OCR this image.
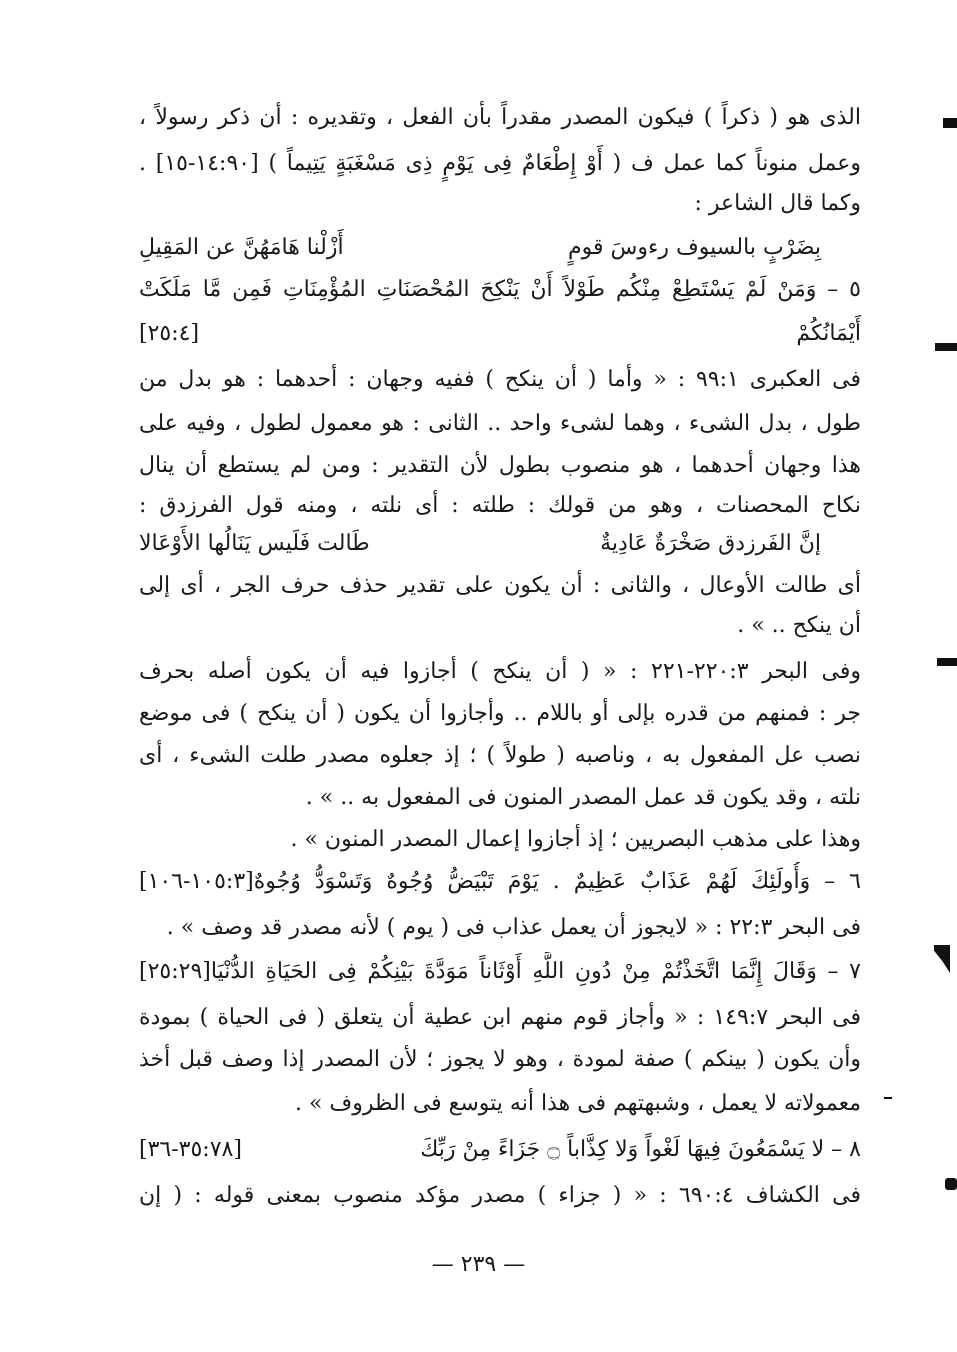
الذى هو ( ذكراً ) فيكون المصدر مقدراً بأن الفعل ، وتقديره : أن ذكر رسولاً ،
وعمل منوناً كما عمل ف ( أَوْ إِطْعَامٌ فِى يَوْمٍ ذِى مَسْغَبَةٍ يَتِيماً ) [١٤:٩٠-١٥] .
وكما قال الشاعر :
بِضَرْبٍ بالسيوف رءوسَ قومٍ
أَزْلْنا هَامَهُنَّ عن المَقِيلِ
٥ – وَمَنْ لَمْ يَسْتَطِعْ مِنْكُم طَوْلاً أَنْ يَنْكِحَ المُحْصَنَاتِ المُؤْمِنَاتِ فَمِن مَّا مَلَكَتْ
أَيْمَانُكُمْ
[٢٥:٤]
فى العكبرى ٩٩:١ : « وأما ( أن ينكح ) ففيه وجهان : أحدهما : هو بدل من
طول ، بدل الشىء ، وهما لشىء واحد .. الثانى : هو معمول لطول ، وفيه على
هذا وجهان أحدهما ، هو منصوب بطول لأن التقدير : ومن لم يستطع أن ينال
نكاح المحصنات ، وهو من قولك : طلته : أى نلته ، ومنه قول الفرزدق :
إنَّ الفَرزدق صَخْرَةٌ عَادِيةٌ
طَالت فَلَيس يَنَالُها الأَوْعَالا
أى طالت الأوعال ، والثانى : أن يكون على تقدير حذف حرف الجر ، أى إلى
أن ينكح .. » .
وفى البحر ٢٢٠:٣-٢٢١ : « ( أن ينكح ) أجازوا فيه أن يكون أصله بحرف
جر : فمنهم من قدره بإلى أو باللام .. وأجازوا أن يكون ( أن ينكح ) فى موضع
نصب عل المفعول به ، وناصبه ( طولاً ) ؛ إذ جعلوه مصدر طلت الشىء ، أى
نلته ، وقد يكون قد عمل المصدر المنون فى المفعول به .. » .
وهذا على مذهب البصريين ؛ إذ أجازوا إعمال المصدر المنون » .
٦ – وَأُولَئِكَ لَهُمْ عَذَابٌ عَظِيمٌ . يَوْمَ تَبْيَضُّ وُجُوهٌ وَتَسْوَدُّ وُجُوهٌ[١٠٥:٣-١٠٦]
فى البحر ٢٢:٣ : « لايجوز أن يعمل عذاب فى ( يوم ) لأنه مصدر قد وصف » .
٧ – وَقَالَ إِنَّمَا اتَّخَذْتُمْ مِنْ دُونِ اللَّهِ أَوْثَاناً مَوَدَّةَ بَيْنِكُمْ فِى الحَيَاةِ الدُّنْيَا[٢٥:٢٩]
فى البحر ١٤٩:٧ : « وأجاز قوم منهم ابن عطية أن يتعلق ( فى الحياة ) بمودة
وأن يكون ( بينكم ) صفة لمودة ، وهو لا يجوز ؛ لأن المصدر إذا وصف قبل أخذ
معمولاته لا يعمل ، وشبهتهم فى هذا أنه يتوسع فى الظروف » .
٨ – لا يَسْمَعُونَ فِيهَا لَغْواً وَلا كِذَّاباً ۝ جَزَاءً مِنْ رَبِّكَ
[٣٥:٧٨-٣٦]
فى الكشاف ٦٩٠:٤ : « ( جزاء ) مصدر مؤكد منصوب بمعنى قوله : ( إن
— ٢٣٩ —
